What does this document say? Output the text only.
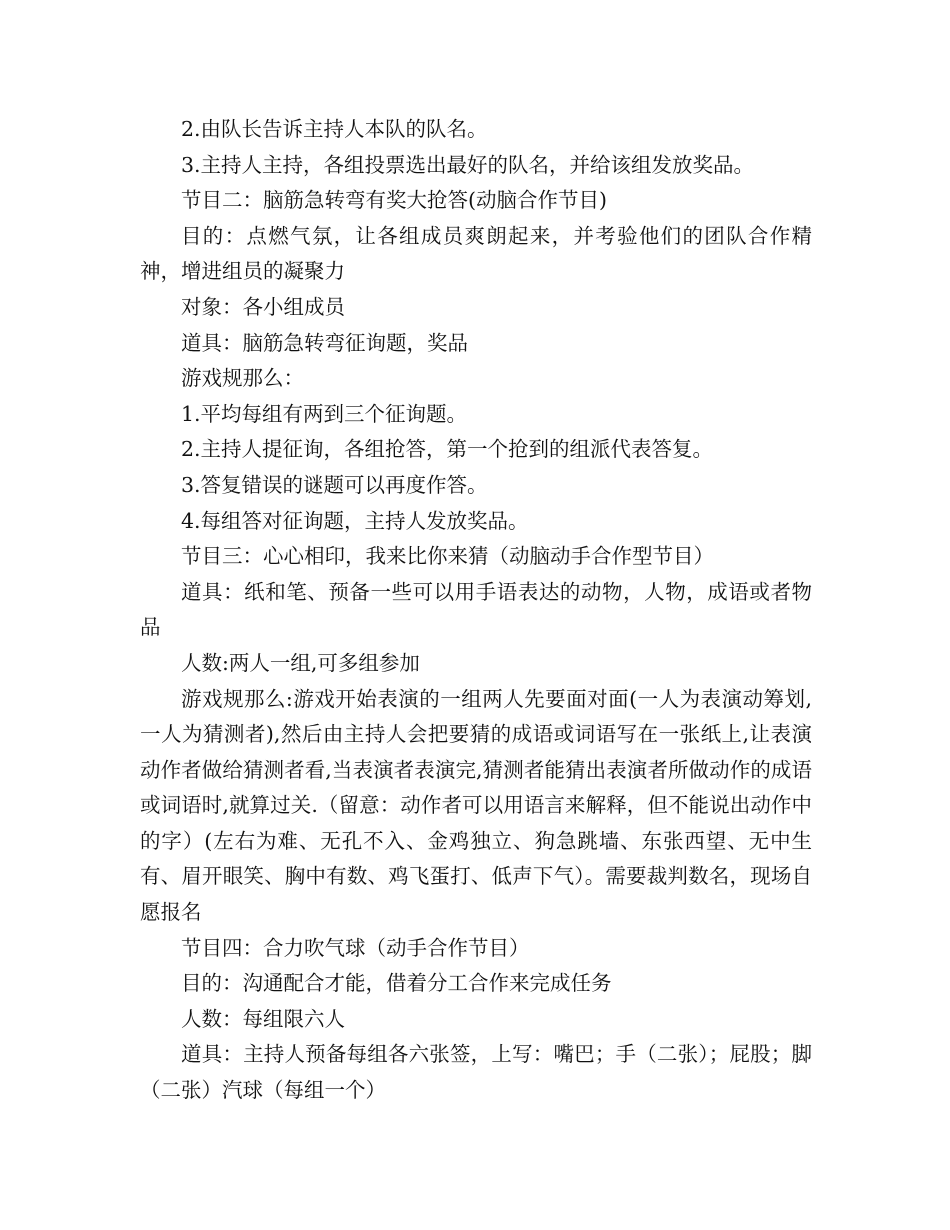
2.由队长告诉主持人本队的队名。

3.主持人主持，各组投票选出最好的队名，并给该组发放奖品。

节目二：脑筋急转弯有奖大抢答(动脑合作节目)

目的：点燃气氛，让各组成员爽朗起来，并考验他们的团队合作精神，增进组员的凝聚力

对象：各小组成员

道具：脑筋急转弯征询题，奖品

游戏规那么：

1.平均每组有两到三个征询题。

2.主持人提征询，各组抢答，第一个抢到的组派代表答复。

3.答复错误的谜题可以再度作答。

4.每组答对征询题，主持人发放奖品。

节目三：心心相印，我来比你来猜（动脑动手合作型节目）

道具：纸和笔、预备一些可以用手语表达的动物，人物，成语或者物品

人数:两人一组,可多组参加

游戏规那么:游戏开始表演的一组两人先要面对面(一人为表演动筹划,一人为猜测者),然后由主持人会把要猜的成语或词语写在一张纸上,让表演动作者做给猜测者看,当表演者表演完,猜测者能猜出表演者所做动作的成语或词语时,就算过关.（留意：动作者可以用语言来解释，但不能说出动作中的字）(左右为难、无孔不入、金鸡独立、狗急跳墙、东张西望、无中生有、眉开眼笑、胸中有数、鸡飞蛋打、低声下气）。需要裁判数名，现场自愿报名

节目四：合力吹气球（动手合作节目）

目的：沟通配合才能，借着分工合作来完成任务

人数：每组限六人

道具：主持人预备每组各六张签，上写：嘴巴；手（二张）；屁股；脚（二张）汽球（每组一个）
